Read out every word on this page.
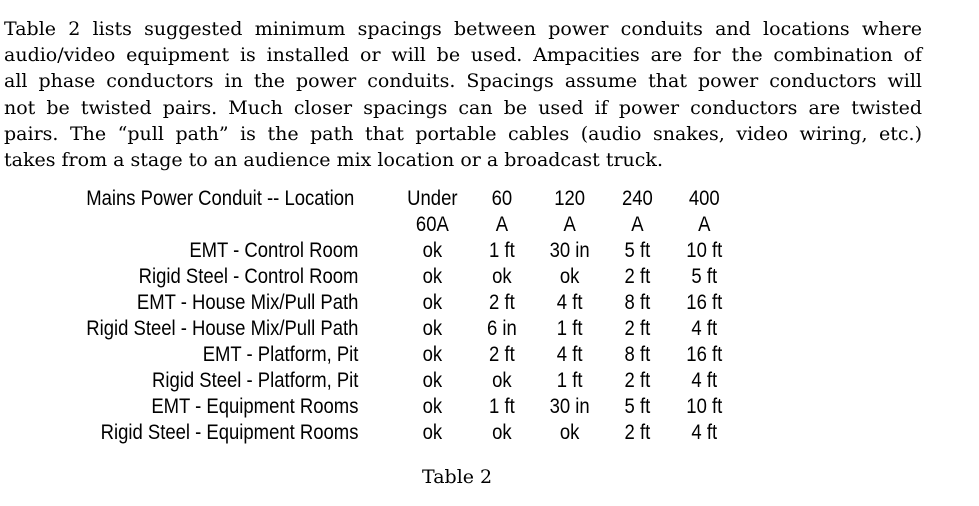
Table 2 lists suggested minimum spacings between power conduits and locations where
audio/video equipment is installed or will be used. Ampacities are for the combination of
all phase conductors in the power conduits. Spacings assume that power conductors will
not be twisted pairs. Much closer spacings can be used if power conductors are twisted
pairs. The “pull path” is the path that portable cables (audio snakes, video wiring, etc.)
takes from a stage to an audience mix location or a broadcast truck.
Mains Power Conduit -- Location	Under	60	120	240	400
	60A	A	A	A	A
EMT - Control Room	ok	1 ft	30 in	5 ft	10 ft
Rigid Steel - Control Room	ok	ok	ok	2 ft	5 ft
EMT - House Mix/Pull Path	ok	2 ft	4 ft	8 ft	16 ft
Rigid Steel - House Mix/Pull Path	ok	6 in	1 ft	2 ft	4 ft
EMT - Platform, Pit	ok	2 ft	4 ft	8 ft	16 ft
Rigid Steel - Platform, Pit	ok	ok	1 ft	2 ft	4 ft
EMT - Equipment Rooms	ok	1 ft	30 in	5 ft	10 ft
Rigid Steel - Equipment Rooms	ok	ok	ok	2 ft	4 ft
Table 2
